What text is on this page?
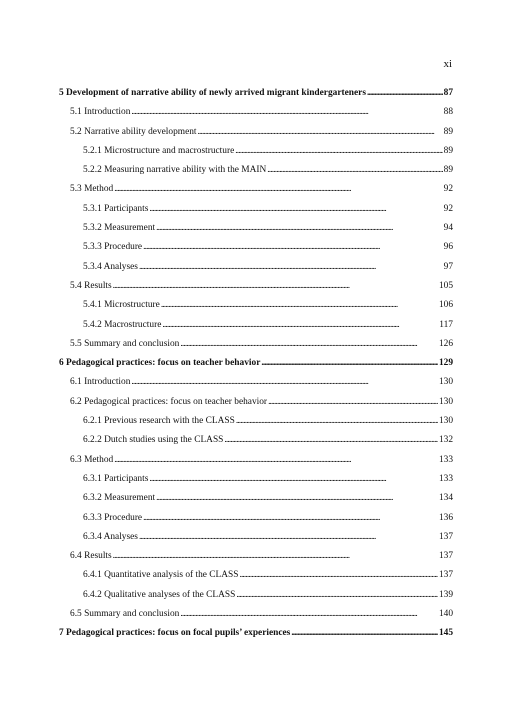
xi
5 Development of narrative ability of newly arrived migrant kindergarteners . . .	87
5.1 Introduction . . .	88
5.2 Narrative ability development . . .	89
5.2.1 Microstructure and macrostructure . . .	89
5.2.2 Measuring narrative ability with the MAIN . . .	89
5.3 Method . . .	92
5.3.1 Participants . . .	92
5.3.2 Measurement . . .	94
5.3.3 Procedure . . .	96
5.3.4 Analyses . . .	97
5.4 Results . . .	105
5.4.1 Microstructure . . .	106
5.4.2 Macrostructure . . .	117
5.5 Summary and conclusion . . .	126
6 Pedagogical practices: focus on teacher behavior . . .	129
6.1 Introduction . . .	130
6.2 Pedagogical practices: focus on teacher behavior . . .	130
6.2.1 Previous research with the CLASS . . .	130
6.2.2 Dutch studies using the CLASS . . .	132
6.3 Method . . .	133
6.3.1 Participants . . .	133
6.3.2 Measurement . . .	134
6.3.3 Procedure . . .	136
6.3.4 Analyses . . .	137
6.4 Results . . .	137
6.4.1 Quantitative analysis of the CLASS . . .	137
6.4.2 Qualitative analyses of the CLASS . . .	139
6.5 Summary and conclusion . . .	140
7 Pedagogical practices: focus on focal pupils’ experiences . . .	145
